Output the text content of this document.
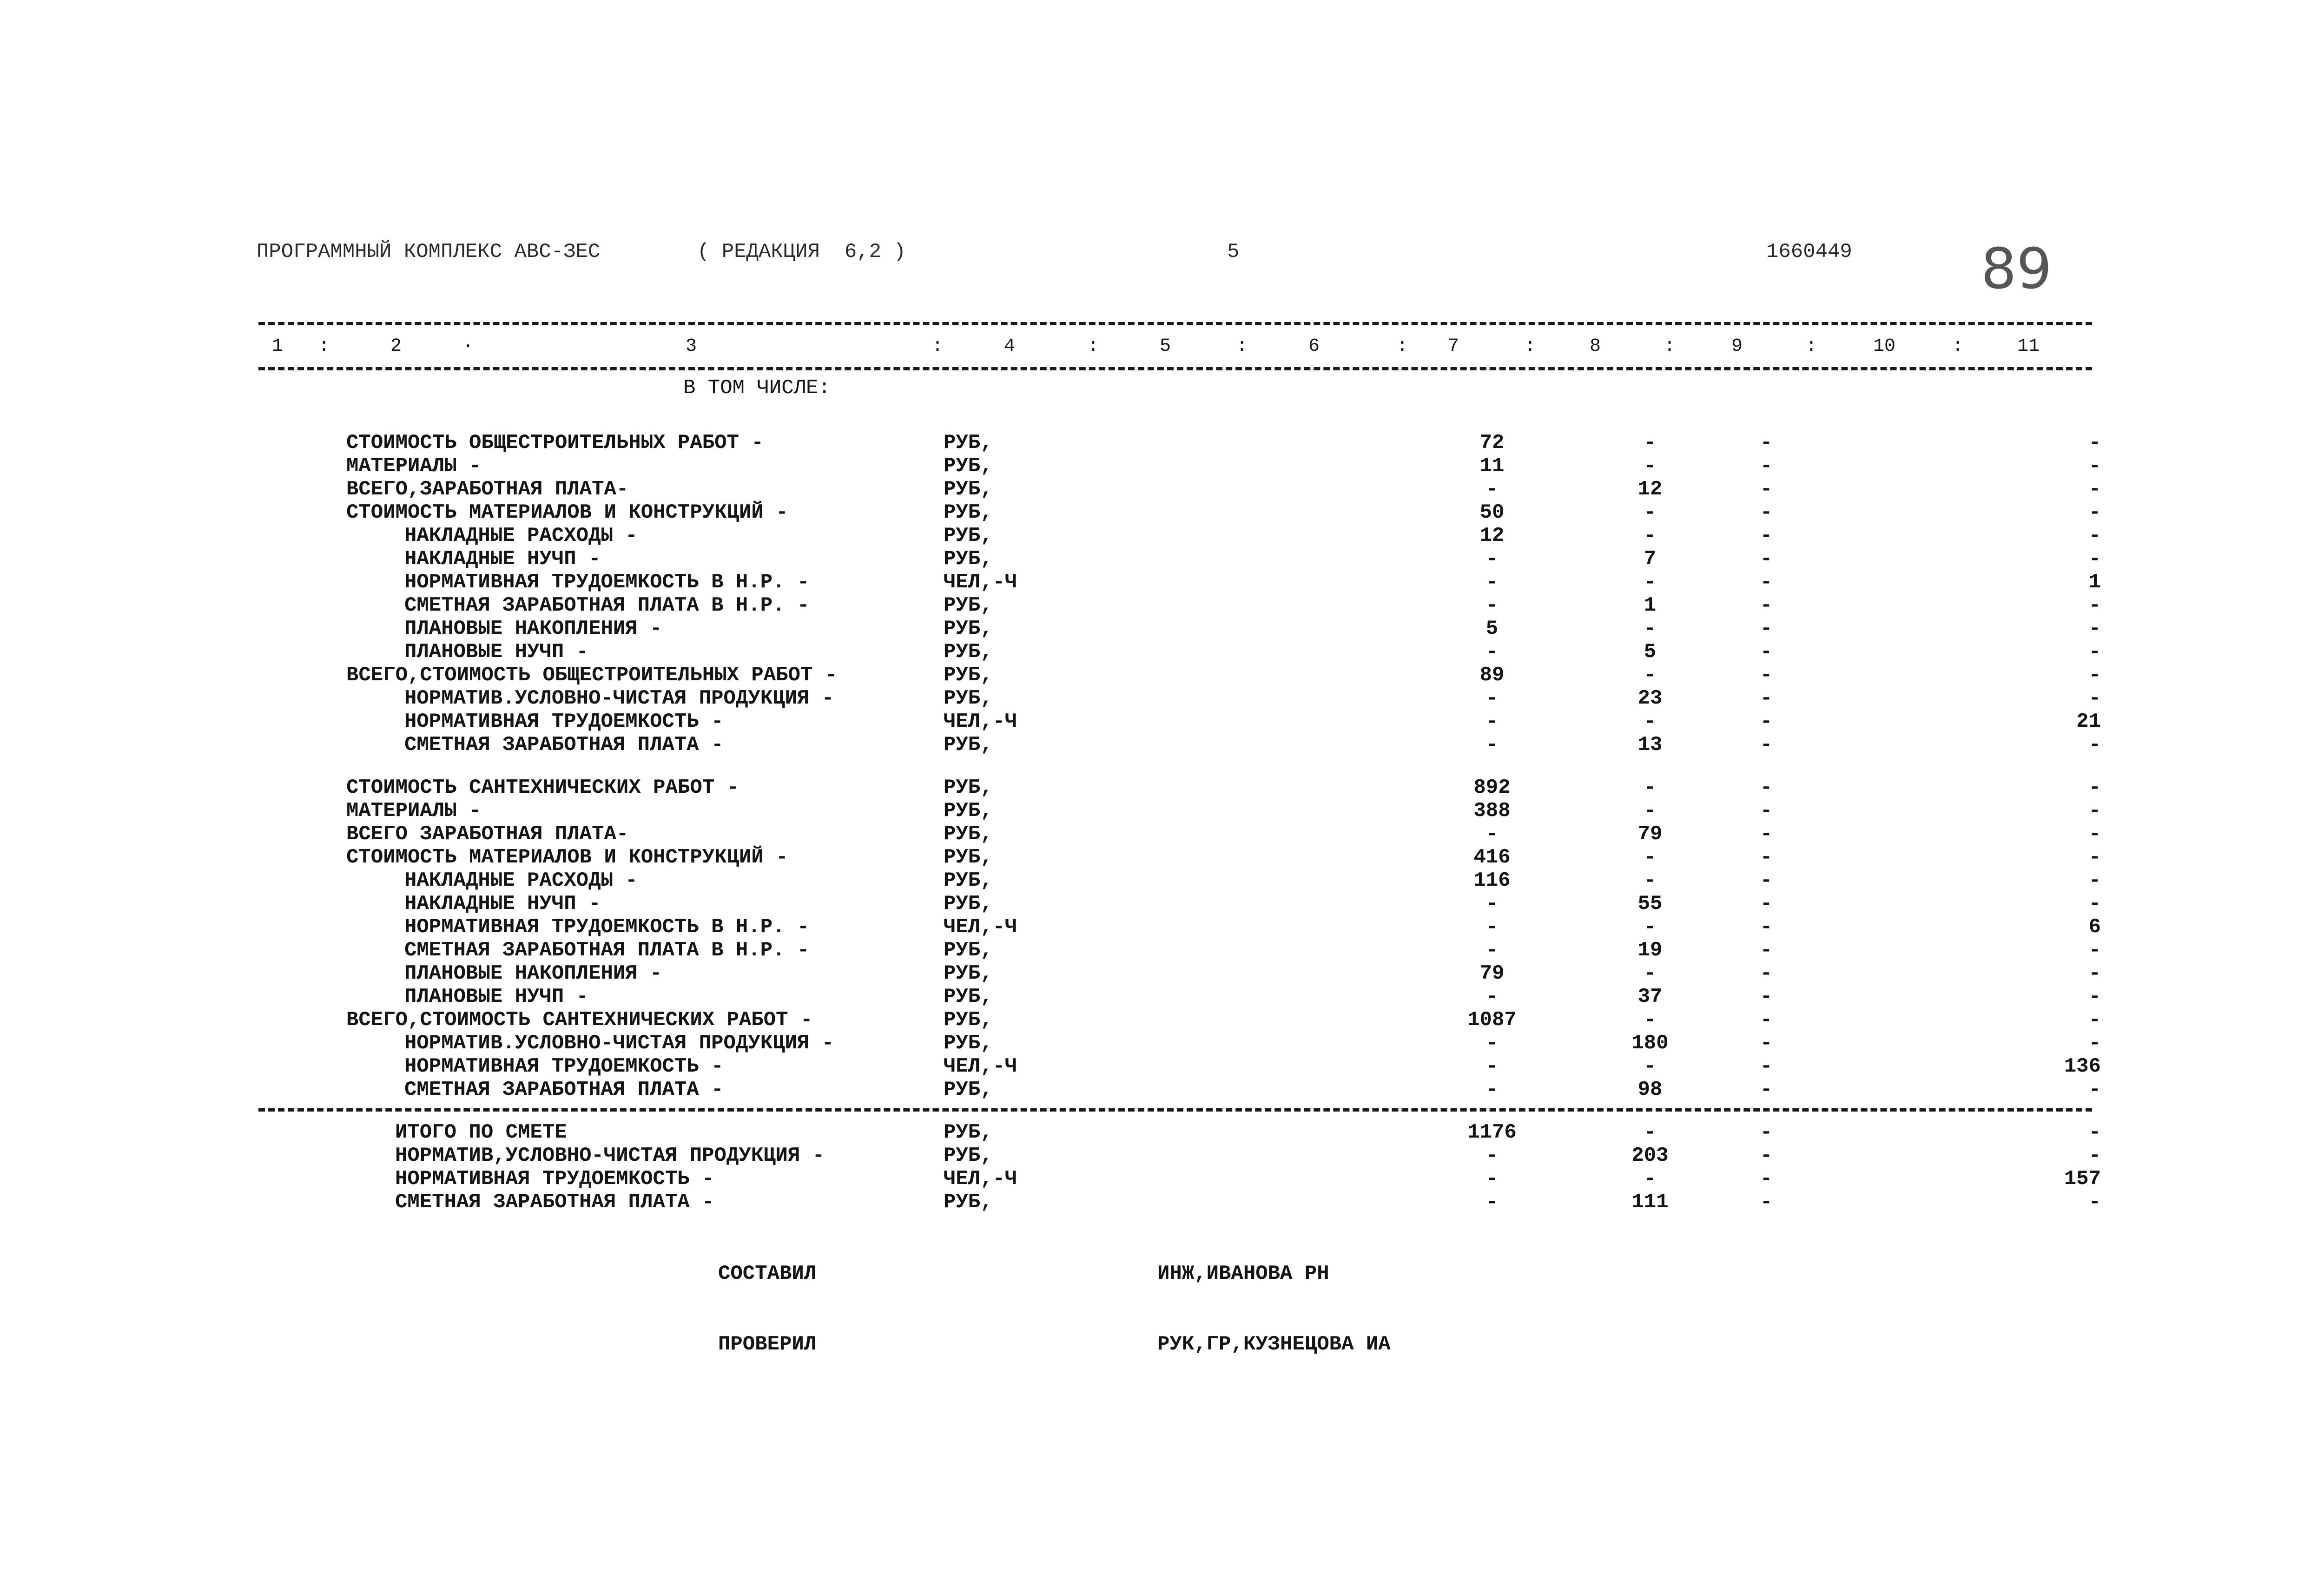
ПРОГРАММНЫЙ КОМПЛЕКС АВС-ЗЕС	( РЕДАКЦИЯ  6,2 )	5	1660449 89
1 :	2	·	3	:	4	:	5	:	6	: 7	:	8	:	9	:	10	:	11
В ТОМ ЧИСЛЕ:
СТОИМОСТЬ ОБЩЕСТРОИТЕЛЬНЫХ РАБОТ -	РУБ,	72	-	-	-
МАТЕРИАЛЫ -	РУБ,	11	-	-	-
ВСЕГО,ЗАРАБОТНАЯ ПЛАТА-	РУБ,	-	12	-	-
СТОИМОСТЬ МАТЕРИАЛОВ И КОНСТРУКЦИЙ -	РУБ,	50	-	-	-
НАКЛАДНЫЕ РАСХОДЫ -	РУБ,	12	-	-	-
НАКЛАДНЫЕ НУЧП -	РУБ,	-	7	-	-
НОРМАТИВНАЯ ТРУДОЕМКОСТЬ В Н.Р. -	ЧЕЛ,-Ч	-	-	-	1
СМЕТНАЯ ЗАРАБОТНАЯ ПЛАТА В Н.Р. -	РУБ,	-	1	-	-
ПЛАНОВЫЕ НАКОПЛЕНИЯ -	РУБ,	5	-	-	-
ПЛАНОВЫЕ НУЧП -	РУБ,	-	5	-	-
ВСЕГО,СТОИМОСТЬ ОБЩЕСТРОИТЕЛЬНЫХ РАБОТ -	РУБ,	89	-	-	-
НОРМАТИВ.УСЛОВНО-ЧИСТАЯ ПРОДУКЦИЯ -	РУБ,	-	23	-	-
НОРМАТИВНАЯ ТРУДОЕМКОСТЬ -	ЧЕЛ,-Ч	-	-	-	21
СМЕТНАЯ ЗАРАБОТНАЯ ПЛАТА -	РУБ,	-	13	-	-
СТОИМОСТЬ САНТЕХНИЧЕСКИХ РАБОТ -	РУБ,	892	-	-	-
МАТЕРИАЛЫ -	РУБ,	388	-	-	-
ВСЕГО ЗАРАБОТНАЯ ПЛАТА-	РУБ,	-	79	-	-
СТОИМОСТЬ МАТЕРИАЛОВ И КОНСТРУКЦИЙ -	РУБ,	416	-	-	-
НАКЛАДНЫЕ РАСХОДЫ -	РУБ,	116	-	-	-
НАКЛАДНЫЕ НУЧП -	РУБ,	-	55	-	-
НОРМАТИВНАЯ ТРУДОЕМКОСТЬ В Н.Р. -	ЧЕЛ,-Ч	-	-	-	6
СМЕТНАЯ ЗАРАБОТНАЯ ПЛАТА В Н.Р. -	РУБ,	-	19	-	-
ПЛАНОВЫЕ НАКОПЛЕНИЯ -	РУБ,	79	-	-	-
ПЛАНОВЫЕ НУЧП -	РУБ,	-	37	-	-
ВСЕГО,СТОИМОСТЬ САНТЕХНИЧЕСКИХ РАБОТ -	РУБ,	1087	-	-	-
НОРМАТИВ.УСЛОВНО-ЧИСТАЯ ПРОДУКЦИЯ -	РУБ,	-	180	-	-
НОРМАТИВНАЯ ТРУДОЕМКОСТЬ -	ЧЕЛ,-Ч	-	-	-	136
СМЕТНАЯ ЗАРАБОТНАЯ ПЛАТА -	РУБ,	-	98	-	-
ИТОГО ПО СМЕТЕ	РУБ,	1176	-	-	-
НОРМАТИВ,УСЛОВНО-ЧИСТАЯ ПРОДУКЦИЯ -	РУБ,	-	203	-	-
НОРМАТИВНАЯ ТРУДОЕМКОСТЬ -	ЧЕЛ,-Ч	-	-	-	157
СМЕТНАЯ ЗАРАБОТНАЯ ПЛАТА -	РУБ,	-	111	-	-
СОСТАВИЛ	ИНЖ,ИВАНОВА РН
ПРОВЕРИЛ	РУК,ГР,КУЗНЕЦОВА ИА
